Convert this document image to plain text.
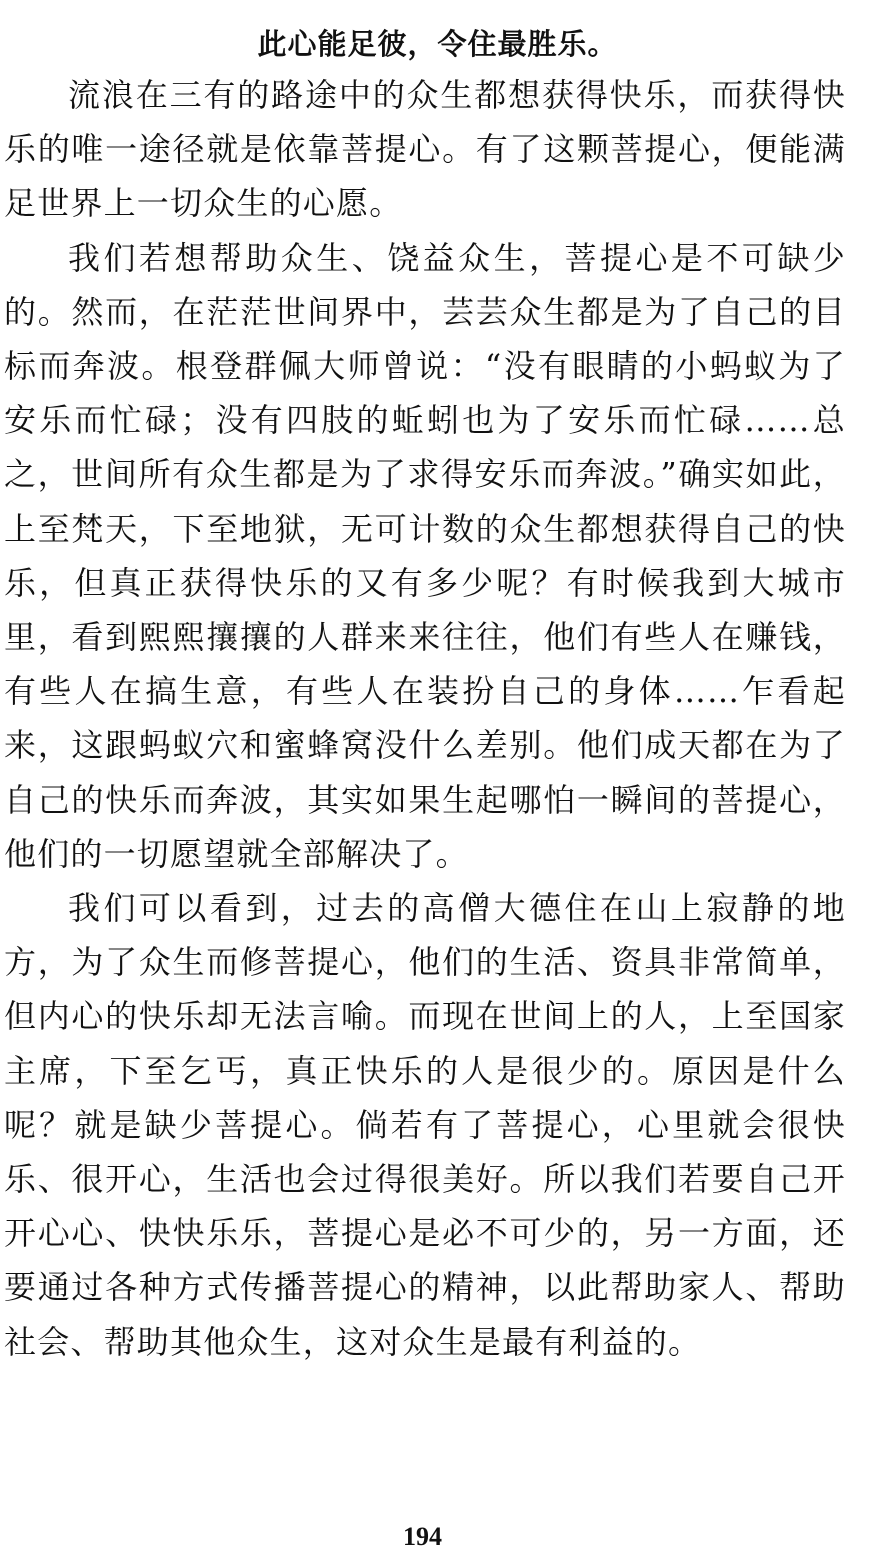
此心能足彼，令住最胜乐。

流浪在三有的路途中的众生都想获得快乐，而获得快乐的唯一途径就是依靠菩提心。有了这颗菩提心，便能满足世界上一切众生的心愿。

我们若想帮助众生、饶益众生，菩提心是不可缺少的。然而，在茫茫世间界中，芸芸众生都是为了自己的目标而奔波。根登群佩大师曾说：“没有眼睛的小蚂蚁为了安乐而忙碌；没有四肢的蚯蚓也为了安乐而忙碌……总之，世间所有众生都是为了求得安乐而奔波。”确实如此，上至梵天，下至地狱，无可计数的众生都想获得自己的快乐，但真正获得快乐的又有多少呢？有时候我到大城市里，看到熙熙攘攘的人群来来往往，他们有些人在赚钱，有些人在搞生意，有些人在装扮自己的身体……乍看起来，这跟蚂蚁穴和蜜蜂窝没什么差别。他们成天都在为了自己的快乐而奔波，其实如果生起哪怕一瞬间的菩提心，他们的一切愿望就全部解决了。

我们可以看到，过去的高僧大德住在山上寂静的地方，为了众生而修菩提心，他们的生活、资具非常简单，但内心的快乐却无法言喻。而现在世间上的人，上至国家主席，下至乞丐，真正快乐的人是很少的。原因是什么呢？就是缺少菩提心。倘若有了菩提心，心里就会很快乐、很开心，生活也会过得很美好。所以我们若要自己开开心心、快快乐乐，菩提心是必不可少的，另一方面，还要通过各种方式传播菩提心的精神，以此帮助家人、帮助社会、帮助其他众生，这对众生是最有利益的。

194
